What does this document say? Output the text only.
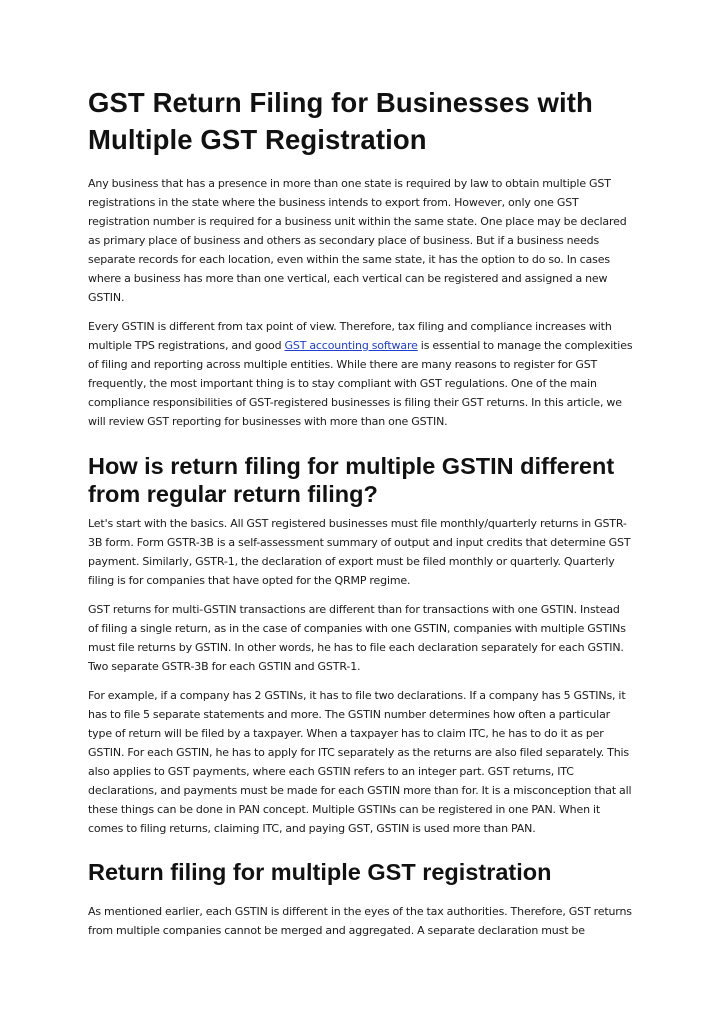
GST Return Filing for Businesses with Multiple GST Registration

Any business that has a presence in more than one state is required by law to obtain multiple GST registrations in the state where the business intends to export from. However, only one GST registration number is required for a business unit within the same state. One place may be declared as primary place of business and others as secondary place of business. But if a business needs separate records for each location, even within the same state, it has the option to do so. In cases where a business has more than one vertical, each vertical can be registered and assigned a new GSTIN.

Every GSTIN is different from tax point of view. Therefore, tax filing and compliance increases with multiple TPS registrations, and good GST accounting software is essential to manage the complexities of filing and reporting across multiple entities. While there are many reasons to register for GST frequently, the most important thing is to stay compliant with GST regulations. One of the main compliance responsibilities of GST-registered businesses is filing their GST returns. In this article, we will review GST reporting for businesses with more than one GSTIN.

How is return filing for multiple GSTIN different from regular return filing?

Let's start with the basics. All GST registered businesses must file monthly/quarterly returns in GSTR-3B form. Form GSTR-3B is a self-assessment summary of output and input credits that determine GST payment. Similarly, GSTR-1, the declaration of export must be filed monthly or quarterly. Quarterly filing is for companies that have opted for the QRMP regime.

GST returns for multi-GSTIN transactions are different than for transactions with one GSTIN. Instead of filing a single return, as in the case of companies with one GSTIN, companies with multiple GSTINs must file returns by GSTIN. In other words, he has to file each declaration separately for each GSTIN. Two separate GSTR-3B for each GSTIN and GSTR-1.

For example, if a company has 2 GSTINs, it has to file two declarations. If a company has 5 GSTINs, it has to file 5 separate statements and more. The GSTIN number determines how often a particular type of return will be filed by a taxpayer. When a taxpayer has to claim ITC, he has to do it as per GSTIN. For each GSTIN, he has to apply for ITC separately as the returns are also filed separately. This also applies to GST payments, where each GSTIN refers to an integer part. GST returns, ITC declarations, and payments must be made for each GSTIN more than for. It is a misconception that all these things can be done in PAN concept. Multiple GSTINs can be registered in one PAN. When it comes to filing returns, claiming ITC, and paying GST, GSTIN is used more than PAN.

Return filing for multiple GST registration

As mentioned earlier, each GSTIN is different in the eyes of the tax authorities. Therefore, GST returns from multiple companies cannot be merged and aggregated. A separate declaration must be
